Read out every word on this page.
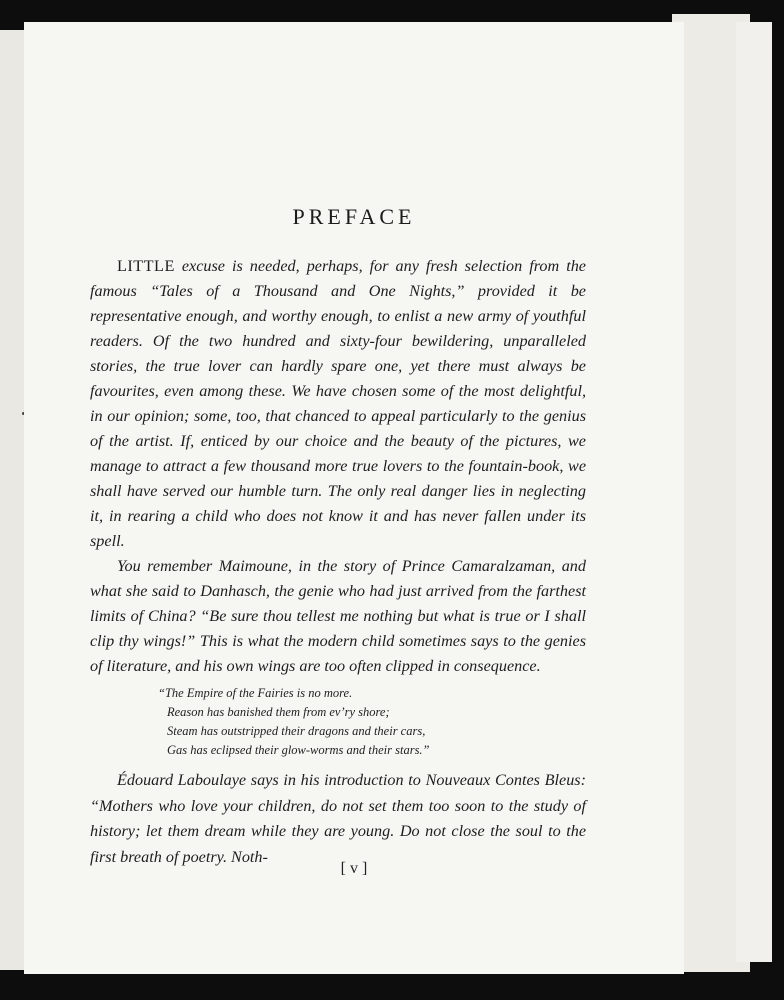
PREFACE

LITTLE excuse is needed, perhaps, for any fresh selection from the famous “Tales of a Thousand and One Nights,” provided it be representative enough, and worthy enough, to enlist a new army of youthful readers. Of the two hundred and sixty-four bewildering, unparalleled stories, the true lover can hardly spare one, yet there must always be favourites, even among these. We have chosen some of the most delightful, in our opinion; some, too, that chanced to appeal particularly to the genius of the artist. If, enticed by our choice and the beauty of the pictures, we manage to attract a few thousand more true lovers to the fountain-book, we shall have served our humble turn. The only real danger lies in neglecting it, in rearing a child who does not know it and has never fallen under its spell.

You remember Maimoune, in the story of Prince Camaralzaman, and what she said to Danhasch, the genie who had just arrived from the farthest limits of China? “Be sure thou tellest me nothing but what is true or I shall clip thy wings!” This is what the modern child sometimes says to the genies of literature, and his own wings are too often clipped in consequence.

“The Empire of the Fairies is no more.
Reason has banished them from ev’ry shore;
Steam has outstripped their dragons and their cars,
Gas has eclipsed their glow-worms and their stars.”

Édouard Laboulaye says in his introduction to Nouveaux Contes Bleus: “Mothers who love your children, do not set them too soon to the study of history; let them dream while they are young. Do not close the soul to the first breath of poetry. Noth-

[ v ]
